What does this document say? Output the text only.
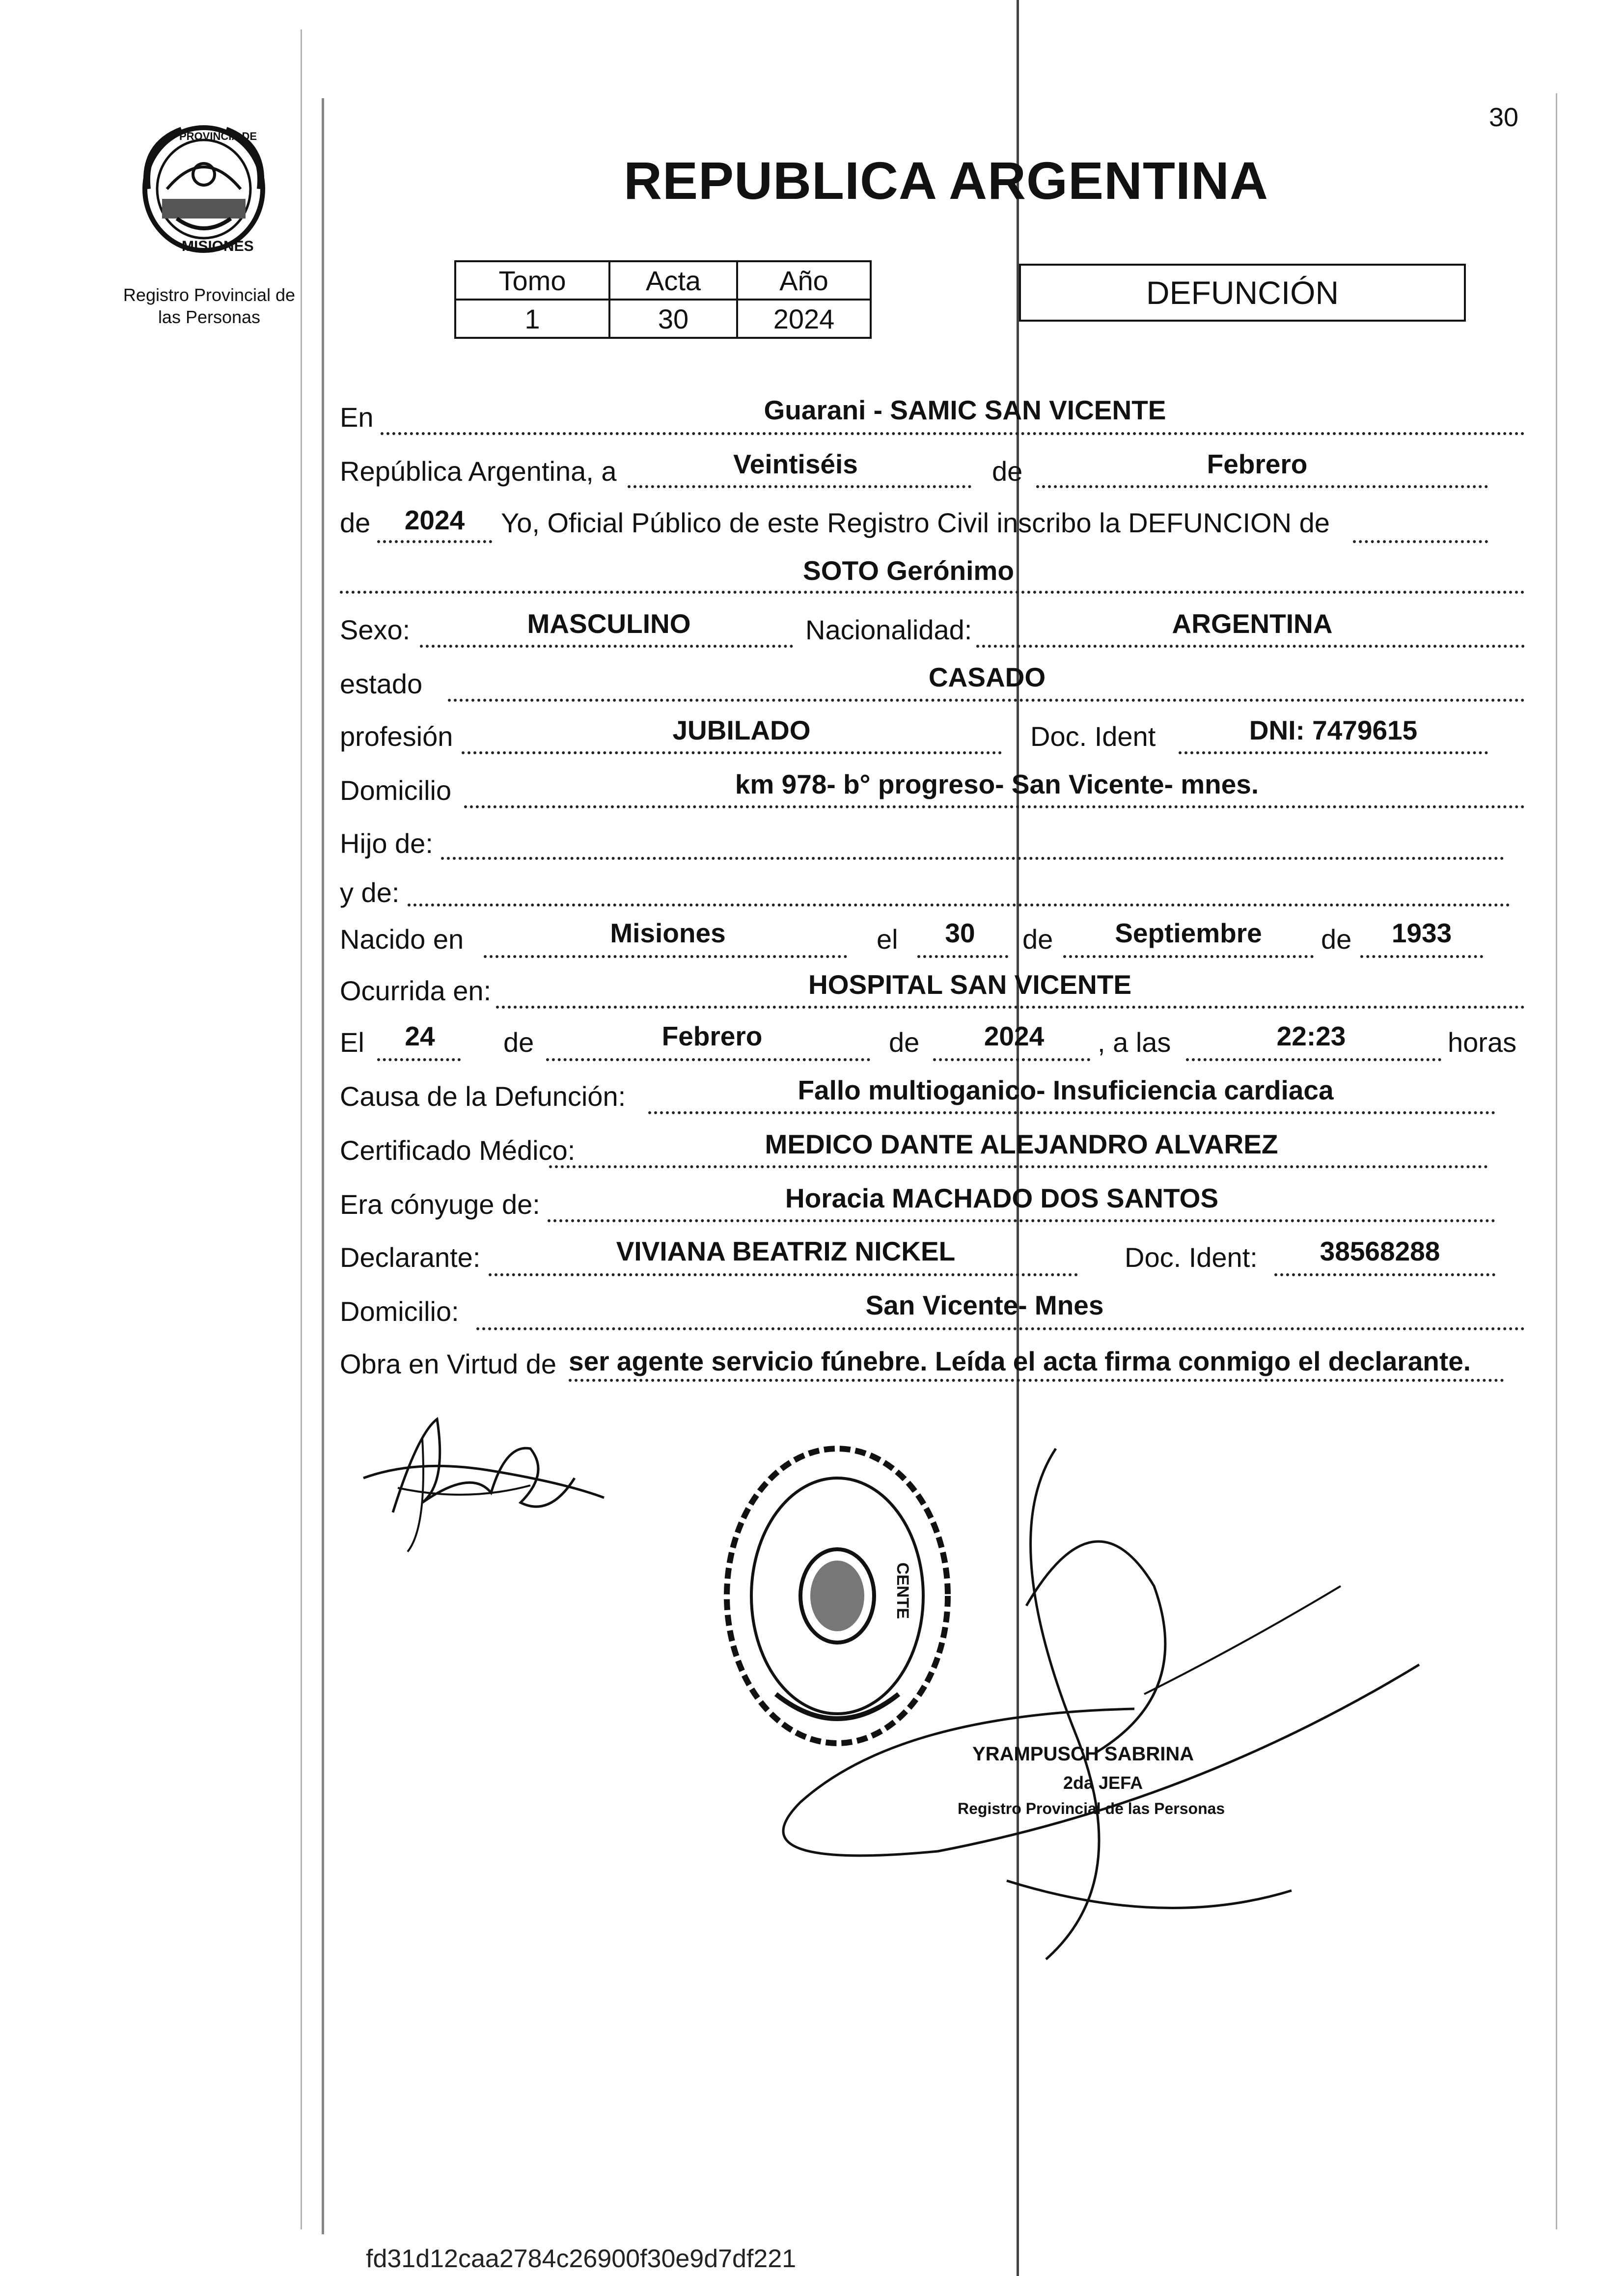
PROVINCIA DE
MISIONES
Registro Provincial de
las Personas
30
REPUBLICA ARGENTINA
Tomo	Acta	Año
1	30	2024
DEFUNCIÓN
En	Guarani - SAMIC SAN VICENTE
República Argentina, a	Veintiséis	de	Febrero
de	2024	Yo, Oficial Público de este Registro Civil inscribo la DEFUNCION de
SOTO Gerónimo
Sexo:	MASCULINO	Nacionalidad:	ARGENTINA
estado	CASADO
profesión	JUBILADO	Doc. Ident	DNI: 7479615
Domicilio	km 978- b° progreso- San Vicente- mnes.
Hijo de:
y de:
Nacido en	Misiones	el	30	de	Septiembre	de	1933
Ocurrida en:	HOSPITAL SAN VICENTE
El	24	de	Febrero	de	2024	, a las	22:23	horas
Causa de la Defunción:	Fallo multioganico- Insuficiencia cardiaca
Certificado Médico:	MEDICO DANTE ALEJANDRO ALVAREZ
Era cónyuge de:	Horacia MACHADO DOS SANTOS
Declarante:	VIVIANA BEATRIZ NICKEL	Doc. Ident:	38568288
Domicilio:	San Vicente- Mnes
Obra en Virtud de ser agente servicio fúnebre. Leída el acta firma conmigo el declarante.
CENTE
YRAMPUSCH SABRINA
2da JEFA
Registro Provincial de las Personas
fd31d12caa2784c26900f30e9d7df221
